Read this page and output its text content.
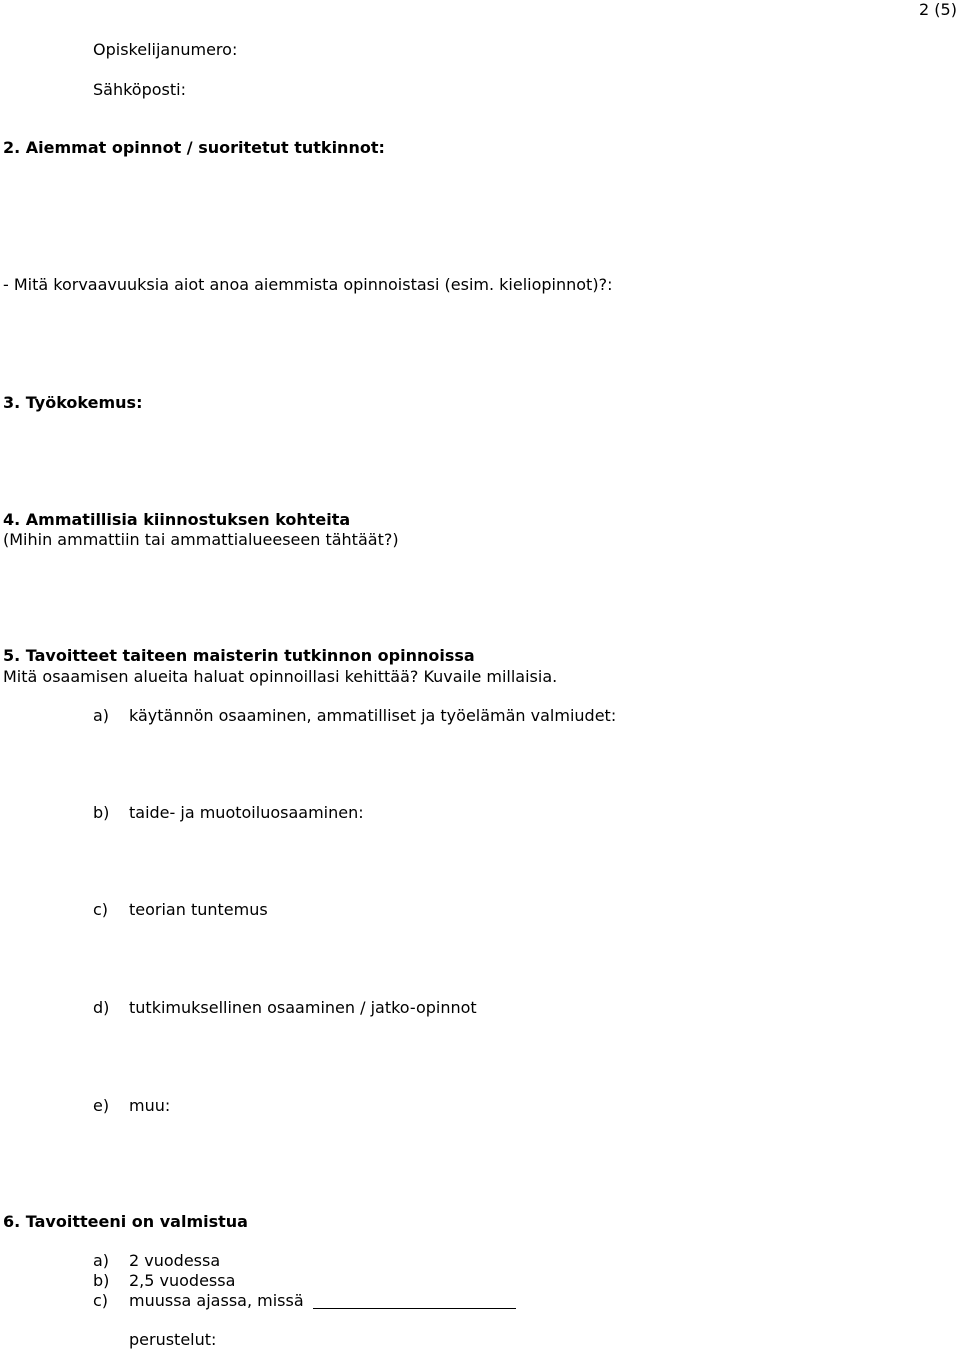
2 (5)
Opiskelijanumero:
Sähköposti:
2. Aiemmat opinnot / suoritetut tutkinnot:
- Mitä korvaavuuksia aiot anoa aiemmista opinnoistasi (esim. kieliopinnot)?:
3. Työkokemus:
4. Ammatillisia kiinnostuksen kohteita
(Mihin ammattiin tai ammattialueeseen tähtäät?)
5. Tavoitteet taiteen maisterin tutkinnon opinnoissa
Mitä osaamisen alueita haluat opinnoillasi kehittää? Kuvaile millaisia.
a) käytännön osaaminen, ammatilliset ja työelämän valmiudet:
b) taide- ja muotoiluosaaminen:
c) teorian tuntemus
d) tutkimuksellinen osaaminen / jatko-opinnot
e) muu:
6. Tavoitteeni on valmistua
a) 2 vuodessa
b) 2,5 vuodessa
c) muussa ajassa, missä
perustelut:
